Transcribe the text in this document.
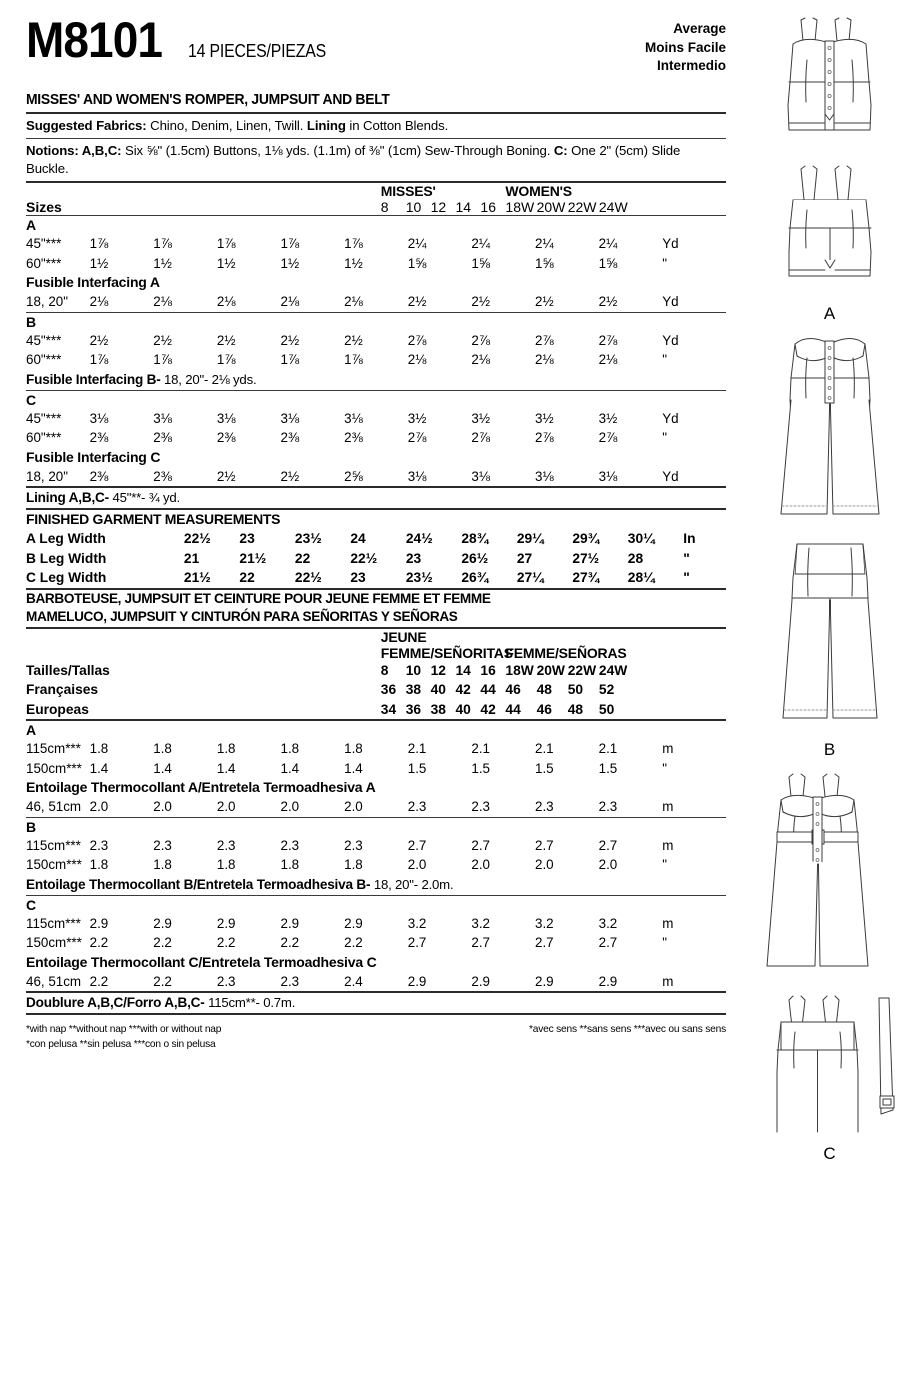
M8101 14 PIECES/PIEZAS
Average
Moins Facile
Intermedio
MISSES' AND WOMEN'S ROMPER, JUMPSUIT AND BELT
Suggested Fabrics: Chino, Denim, Linen, Twill. Lining in Cotton Blends.
Notions: A,B,C: Six ⅝" (1.5cm) Buttons, 1⅛ yds. (1.1m) of ⅜" (1cm) Sew-Through Boning. C: One 2" (5cm) Slide Buckle.
	MISSES'					WOMEN'S				
Sizes	8	10	12	14	16	18W	20W	22W	24W	
A										
45"***	1⅞	1⅞	1⅞	1⅞	1⅞	2¼	2¼	2¼	2¼	Yd
60"***	1½	1½	1½	1½	1½	1⅝	1⅝	1⅝	1⅝	"
Fusible Interfacing A										
18, 20"	2⅛	2⅛	2⅛	2⅛	2⅛	2½	2½	2½	2½	Yd
B										
45"***	2½	2½	2½	2½	2½	2⅞	2⅞	2⅞	2⅞	Yd
60"***	1⅞	1⅞	1⅞	1⅞	1⅞	2⅛	2⅛	2⅛	2⅛	"
Fusible Interfacing B- 18, 20"- 2⅛ yds.
C										
45"***	3⅛	3⅛	3⅛	3⅛	3⅛	3½	3½	3½	3½	Yd
60"***	2⅜	2⅜	2⅜	2⅜	2⅜	2⅞	2⅞	2⅞	2⅞	"
Fusible Interfacing C										
18, 20"	2⅜	2⅜	2½	2½	2⅝	3⅛	3⅛	3⅛	3⅛	Yd
Lining A,B,C- 45"**- ¾ yd.
FINISHED GARMENT MEASUREMENTS
A Leg Width	22½	23	23½	24	24½	28¾	29¼	29¾	30¼	In
B Leg Width	21	21½	22	22½	23	26½	27	27½	28	"
C Leg Width	21½	22	22½	23	23½	26¾	27¼	27¾	28¼	"
BARBOTEUSE, JUMPSUIT ET CEINTURE POUR JEUNE FEMME ET FEMME
MAMELUCO, JUMPSUIT Y CINTURÓN PARA SEÑORITAS Y SEÑORAS
	JEUNE FEMME/SEÑORITAS					FEMME/SEÑORAS				
Tailles/Tallas	8	10	12	14	16	18W	20W	22W	24W	
Françaises	36	38	40	42	44	46	48	50	52	
Europeas	34	36	38	40	42	44	46	48	50	
A										
115cm***	1.8	1.8	1.8	1.8	1.8	2.1	2.1	2.1	2.1	m
150cm***	1.4	1.4	1.4	1.4	1.4	1.5	1.5	1.5	1.5	"
Entoilage Thermocollant A/Entretela Termoadhesiva A										
46, 51cm	2.0	2.0	2.0	2.0	2.0	2.3	2.3	2.3	2.3	m
B										
115cm***	2.3	2.3	2.3	2.3	2.3	2.7	2.7	2.7	2.7	m
150cm***	1.8	1.8	1.8	1.8	1.8	2.0	2.0	2.0	2.0	"
Entoilage Thermocollant B/Entretela Termoadhesiva B- 18, 20"- 2.0m.
C										
115cm***	2.9	2.9	2.9	2.9	2.9	3.2	3.2	3.2	3.2	m
150cm***	2.2	2.2	2.2	2.2	2.2	2.7	2.7	2.7	2.7	"
Entoilage Thermocollant C/Entretela Termoadhesiva C										
46, 51cm	2.2	2.2	2.3	2.3	2.4	2.9	2.9	2.9	2.9	m
Doublure A,B,C/Forro A,B,C- 115cm**- 0.7m.
*with nap **without nap ***with or without nap
*con pelusa **sin pelusa ***con o sin pelusa
*avec sens **sans sens ***avec ou sans sens
A
B
C
